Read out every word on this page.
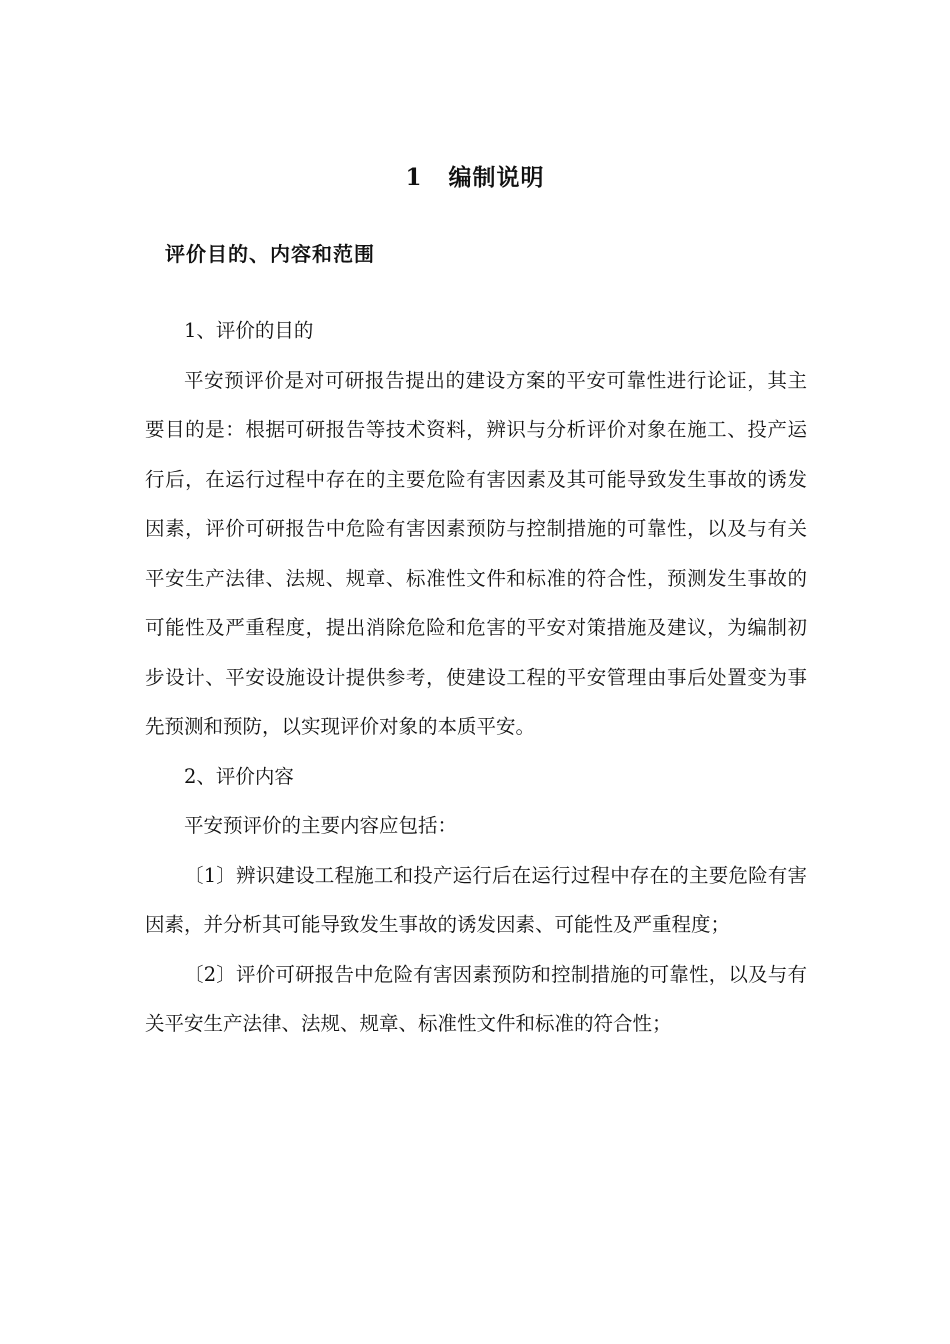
1 编制说明
评价目的、内容和范围

1、评价的目的

平安预评价是对可研报告提出的建设方案的平安可靠性进行论证，其主要目的是：根据可研报告等技术资料，辨识与分析评价对象在施工、投产运行后，在运行过程中存在的主要危险有害因素及其可能导致发生事故的诱发因素，评价可研报告中危险有害因素预防与控制措施的可靠性，以及与有关平安生产法律、法规、规章、标准性文件和标准的符合性，预测发生事故的可能性及严重程度，提出消除危险和危害的平安对策措施及建议，为编制初步设计、平安设施设计提供参考，使建设工程的平安管理由事后处置变为事先预测和预防，以实现评价对象的本质平安。

2、评价内容

平安预评价的主要内容应包括：

〔1〕辨识建设工程施工和投产运行后在运行过程中存在的主要危险有害因素，并分析其可能导致发生事故的诱发因素、可能性及严重程度；

〔2〕评价可研报告中危险有害因素预防和控制措施的可靠性，以及与有关平安生产法律、法规、规章、标准性文件和标准的符合性；
